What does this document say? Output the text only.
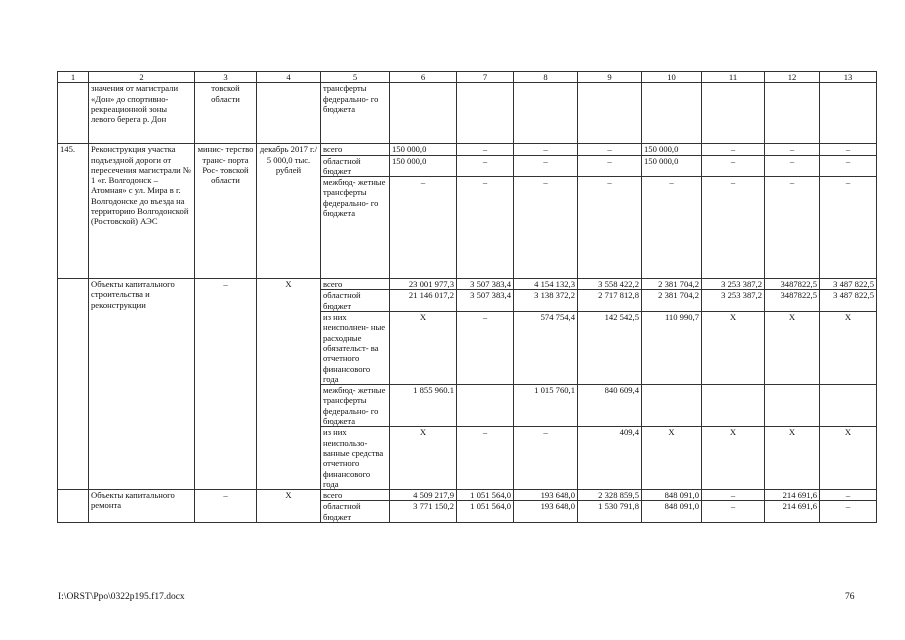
1	2	3	4	5	6	7	8	9	10	11	12	13
	значения от магистрали «Дон» до спортивно- рекреационной зоны левого берега р. Дон	товской области		трансферты федерально- го бюджета								
145.	Реконструкция участка подъездной дороги от пересечения магистрали № 1 «г. Волгодонск – Атомная» с ул. Мира в г. Волгодонске до въезда на территорию Волгодонской (Ростовской) АЭС	минис- терство транс- порта Рос- товской области	декабрь 2017 г./ 5 000,0 тыс. рублей	всего	150 000,0	–	–	–	150 000,0	–	–	–
				областной бюджет	150 000,0	–	–	–	150 000,0	–	–	–
				межбюд- жетные трансферты федерально- го бюджета	–	–	–	–	–	–	–	–
	Объекты капитального строительства и реконструкции	–	X	всего	23 001 977,3	3 507 383,4	4 154 132,3	3 558 422,2	2 381 704,2	3 253 387,2	3487822,5	3 487 822,5
				областной бюджет	21 146 017,2	3 507 383,4	3 138 372,2	2 717 812,8	2 381 704,2	3 253 387,2	3487822,5	3 487 822,5
				из них неисполнен- ные расходные обязательст- ва отчетного финансового года	X	–	574 754,4	142 542,5	110 990,7	X	X	X
				межбюд- жетные трансферты федерально- го бюджета	1 855 960.1		1 015 760,1	840 609,4				
				из них неиспользо- ванные средства отчетного финансового года	X	–	–	409,4	X	X	X	X
	Объекты капитального ремонта	–	X	всего	4 509 217,9	1 051 564,0	193 648,0	2 328 859,5	848 091,0	–	214 691,6	–
				областной бюджет	3 771 150,2	1 051 564,0	193 648,0	1 530 791,8	848 091,0	–	214 691,6	–
I:\ORST\Ppo\0322p195.f17.docx	76
